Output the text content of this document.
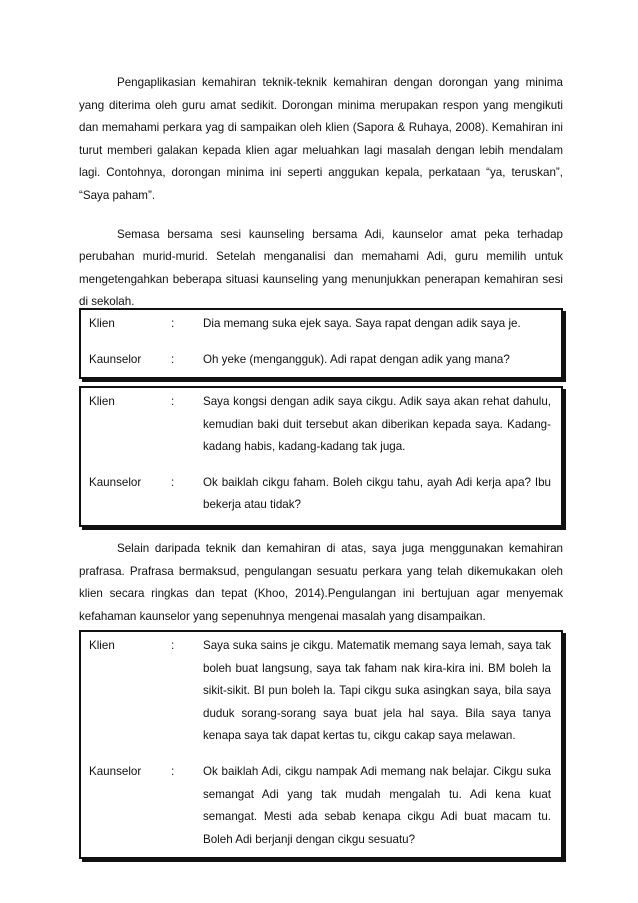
Pengaplikasian kemahiran teknik-teknik kemahiran dengan dorongan yang minima yang diterima oleh guru amat sedikit. Dorongan minima merupakan respon yang mengikuti dan memahami perkara yag di sampaikan oleh klien (Sapora & Ruhaya, 2008). Kemahiran ini turut memberi galakan kepada klien agar meluahkan lagi masalah dengan lebih mendalam lagi. Contohnya, dorongan minima ini seperti anggukan kepala, perkataan “ya, teruskan”, “Saya paham”.

Semasa bersama sesi kaunseling bersama Adi, kaunselor amat peka terhadap perubahan murid-murid. Setelah menganalisi dan memahami Adi, guru memilih untuk mengetengahkan beberapa situasi kaunseling yang menunjukkan penerapan kemahiran sesi di sekolah.

Klien	:	Dia memang suka ejek saya. Saya rapat dengan adik saya je.
Kaunselor	:	Oh yeke (mengangguk). Adi rapat dengan adik yang mana?
Klien	:	Saya kongsi dengan adik saya cikgu. Adik saya akan rehat dahulu, kemudian baki duit tersebut akan diberikan kepada saya. Kadang-kadang habis, kadang-kadang tak juga.
Kaunselor	:	Ok baiklah cikgu faham. Boleh cikgu tahu, ayah Adi kerja apa? Ibu bekerja atau tidak?

Selain daripada teknik dan kemahiran di atas, saya juga menggunakan kemahiran prafrasa. Prafrasa bermaksud, pengulangan sesuatu perkara yang telah dikemukakan oleh klien secara ringkas dan tepat (Khoo, 2014).Pengulangan ini bertujuan agar menyemak kefahaman kaunselor yang sepenuhnya mengenai masalah yang disampaikan.

Klien	:	Saya suka sains je cikgu. Matematik memang saya lemah, saya tak boleh buat langsung, saya tak faham nak kira-kira ini. BM boleh la sikit-sikit. BI pun boleh la. Tapi cikgu suka asingkan saya, bila saya duduk sorang-sorang saya buat jela hal saya. Bila saya tanya kenapa saya tak dapat kertas tu, cikgu cakap saya melawan.
Kaunselor	:	Ok baiklah Adi, cikgu nampak Adi memang nak belajar. Cikgu suka semangat Adi yang tak mudah mengalah tu. Adi kena kuat semangat. Mesti ada sebab kenapa cikgu Adi buat macam tu. Boleh Adi berjanji dengan cikgu sesuatu?
